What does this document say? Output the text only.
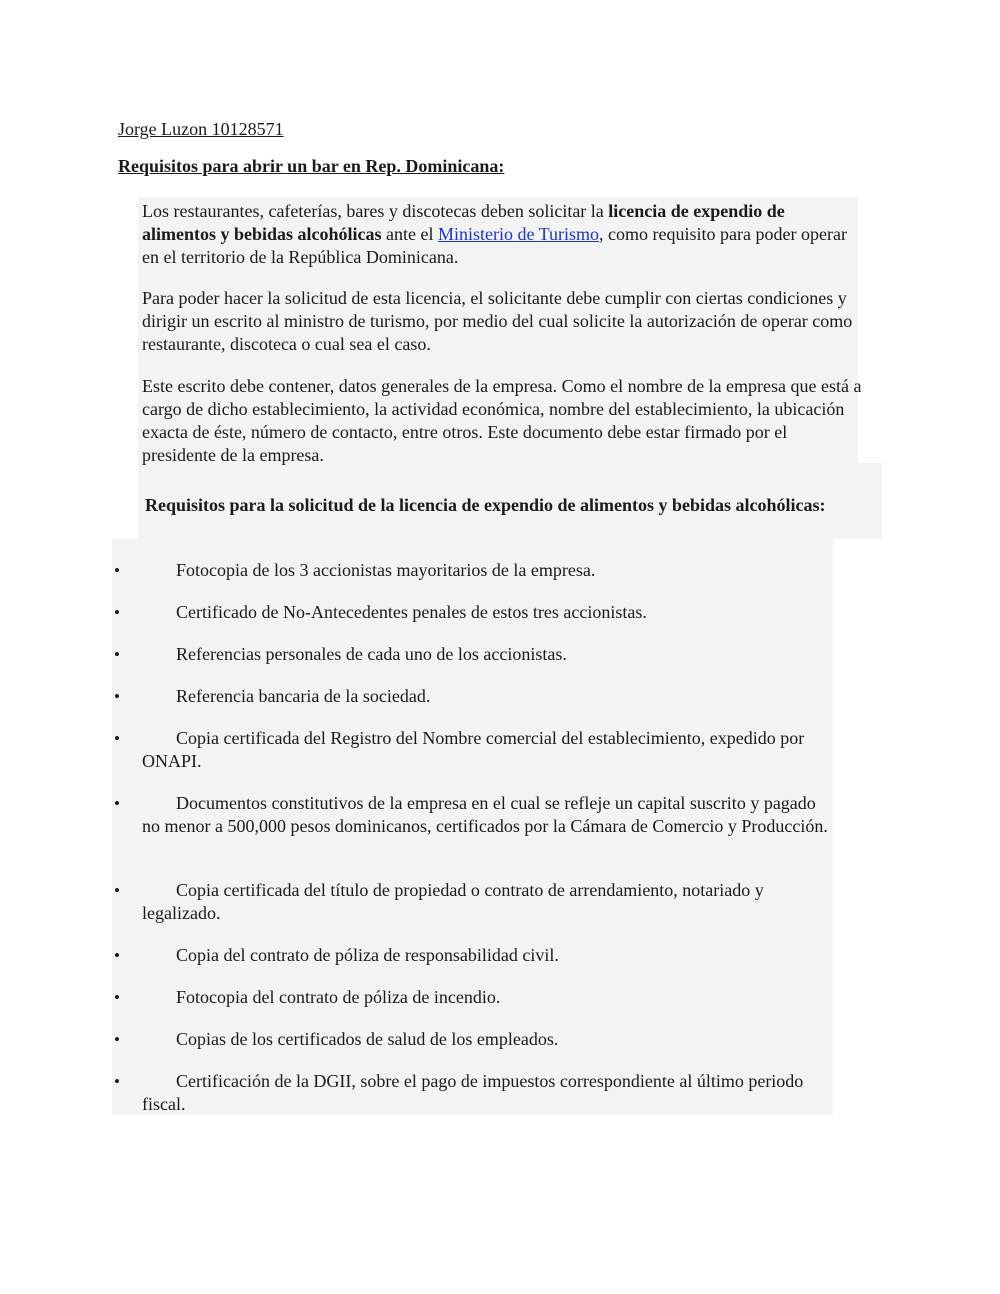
Jorge Luzon 10128571
Requisitos para abrir un bar en Rep. Dominicana:
Los restaurantes, cafeterías, bares y discotecas deben solicitar la licencia de expendio de alimentos y bebidas alcohólicas ante el Ministerio de Turismo, como requisito para poder operar en el territorio de la República Dominicana.
Para poder hacer la solicitud de esta licencia, el solicitante debe cumplir con ciertas condiciones y dirigir un escrito al ministro de turismo, por medio del cual solicite la autorización de operar como restaurante, discoteca o cual sea el caso.
Este escrito debe contener, datos generales de la empresa. Como el nombre de la empresa que está a cargo de dicho establecimiento, la actividad económica, nombre del establecimiento, la ubicación exacta de éste, número de contacto, entre otros. Este documento debe estar firmado por el presidente de la empresa.
Requisitos para la solicitud de la licencia de expendio de alimentos y bebidas alcohólicas:
•	Fotocopia de los 3 accionistas mayoritarios de la empresa.
•	Certificado de No-Antecedentes penales de estos tres accionistas.
•	Referencias personales de cada uno de los accionistas.
•	Referencia bancaria de la sociedad.
•	Copia certificada del Registro del Nombre comercial del establecimiento, expedido por ONAPI.
•	Documentos constitutivos de la empresa en el cual se refleje un capital suscrito y pagado no menor a 500,000 pesos dominicanos, certificados por la Cámara de Comercio y Producción.
•	Copia certificada del título de propiedad o contrato de arrendamiento, notariado y legalizado.
•	Copia del contrato de póliza de responsabilidad civil.
•	Fotocopia del contrato de póliza de incendio.
•	Copias de los certificados de salud de los empleados.
•	Certificación de la DGII, sobre el pago de impuestos correspondiente al último periodo fiscal.
